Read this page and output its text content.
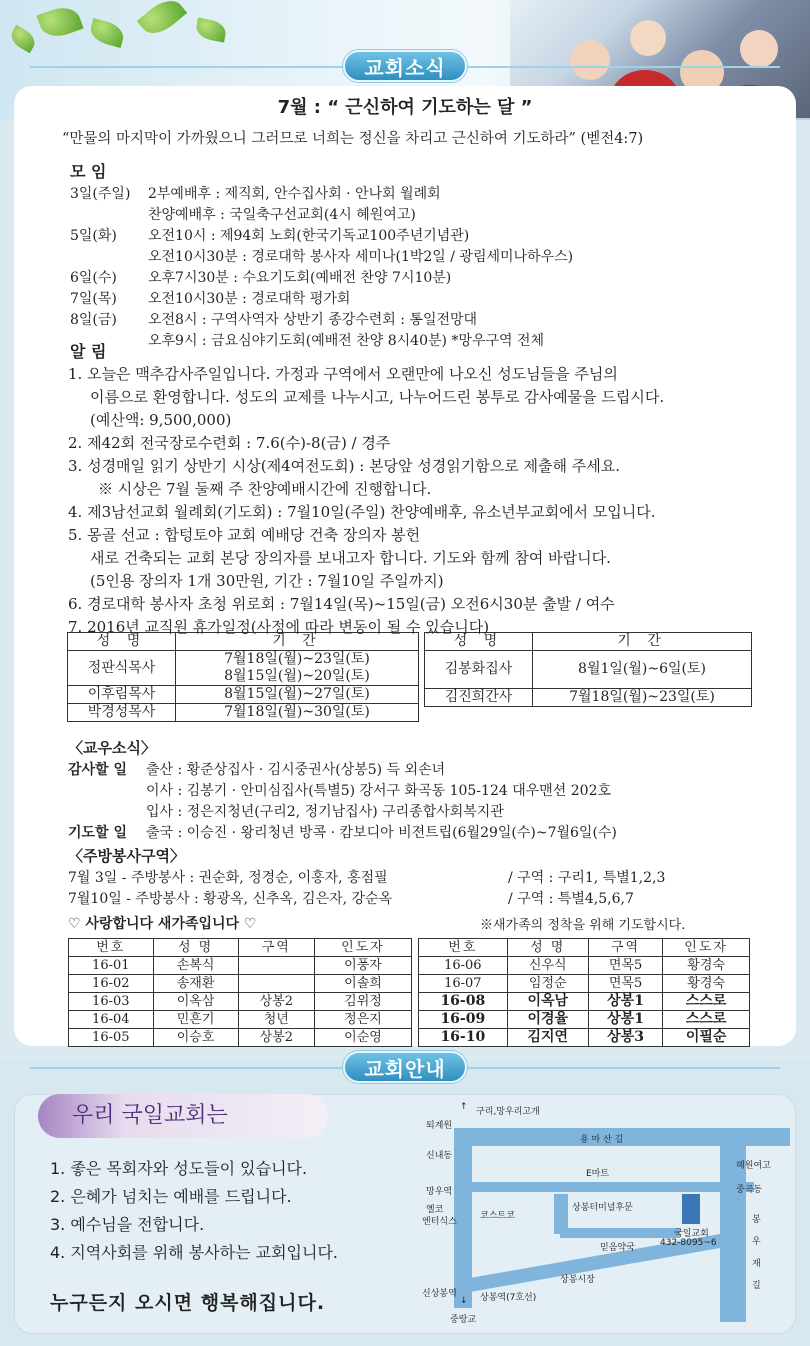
교회소식
7월 : “ 근신하여 기도하는 달 ”
“만물의 마지막이 가까웠으니 그러므로 너희는 정신을 차리고 근신하여 기도하라” (벧전4:7)
모 임
알 림
성 명	기 간
정판식목사	7월18일(월)~23일(토)
8월15일(월)~20일(토)

이후림목사	8월15일(월)~27일(토)
박경성목사	7월18일(월)~30일(토)
성 명	기 간
김봉화집사	8월1일(월)~6일(토)
김진희간사	7월18일(월)~23일(토)
〈교우소식〉
〈주방봉사구역〉
♡ 사랑합니다 새가족입니다 ♡	※새가족의 정착을 위해 기도합시다.
번호	성 명	구역	인도자
16-01	손복식		이풍자
16-02	송재환		이솔희
16-03	이옥삼	상봉2	김위정
16-04	민흔기	청년	정은지
16-05	이승호	상봉2	이순영
번호	성 명	구역	인도자
16-06	신우식	면목5	황경숙
16-07	임정순	면목5	황경숙
16-08	이옥남	상봉1	스스로
16-09	이경율	상봉1	스스로
16-10	김지연	상봉3	이필순
교회안내
우리 국일교회는
1. 좋은 목회자와 성도들이 있습니다.
2. 은혜가 넘치는 예배를 드립니다.
3. 예수님을 전합니다.
4. 지역사회를 위해 봉사하는 교회입니다.
누구든지 오시면 행복해집니다.
↑ 구리,망우리고개
퇴계원
용 마 산 길
신내동
E마트
혜원여고
망우역	중곡동
옐코
엔터식스
코스트코
상봉터미널후문
국일교회
432-8095~6
믿음약국
봉
우
재
길
상봉시장
신상봉역	상봉역(7호선)
↓
중랑교
3일(주일) 2부예배후 : 제직회, 안수집사회 · 안나회 월례회
찬양예배후 : 국일축구선교회(4시 혜원여고)
5일(화) 오전10시 : 제94회 노회(한국기독교100주년기념관)
오전10시30분 : 경로대학 봉사자 세미나(1박2일 / 광림세미나하우스)
6일(수) 오후7시30분 : 수요기도회(예배전 찬양 7시10분)
7일(목) 오전10시30분 : 경로대학 평가회
8일(금) 오전8시 : 구역사역자 상반기 종강수련회 : 통일전망대
오후9시 : 금요심야기도회(예배전 찬양 8시40분) *망우구역 전체
1. 오늘은 맥추감사주일입니다. 가정과 구역에서 오랜만에 나오신 성도님들을 주님의
이름으로 환영합니다. 성도의 교제를 나누시고, 나누어드린 봉투로 감사예물을 드립시다.
(예산액: 9,500,000)
2. 제42회 전국장로수련회 : 7.6(수)-8(금) / 경주
3. 성경매일 읽기 상반기 시상(제4여전도회) : 본당앞 성경읽기함으로 제출해 주세요.
※ 시상은 7월 둘째 주 찬양예배시간에 진행합니다.
4. 제3남선교회 월례회(기도회) : 7월10일(주일) 찬양예배후, 유소년부교회에서 모입니다.
5. 몽골 선교 : 합텅토야 교회 예배당 건축 장의자 봉헌
새로 건축되는 교회 본당 장의자를 보내고자 합니다. 기도와 함께 참여 바랍니다.
(5인용 장의자 1개 30만원, 기간 : 7월10일 주일까지)
6. 경로대학 봉사자 초청 위로회 : 7월14일(목)~15일(금) 오전6시30분 출발 / 여수
7. 2016년 교직원 휴가일정(사정에 따라 변동이 될 수 있습니다)
감사할 일 출산 : 황준상집사 · 김시중권사(상봉5) 득 외손녀
이사 : 김봉기 · 안미심집사(특별5) 강서구 화곡동 105-124 대우맨션 202호
입사 : 정은지청년(구리2, 정기남집사) 구리종합사회복지관
기도할 일 출국 : 이승진 · 왕리청년 방콕 · 캄보디아 비젼트립(6월29일(수)~7월6일(수)
7월 3일 - 주방봉사 : 권순화, 정경순, 이홍자, 홍점필	/ 구역 : 구리1, 특별1,2,3
7월10일 - 주방봉사 : 황광옥, 신추옥, 김은자, 강순옥	/ 구역 : 특별4,5,6,7
